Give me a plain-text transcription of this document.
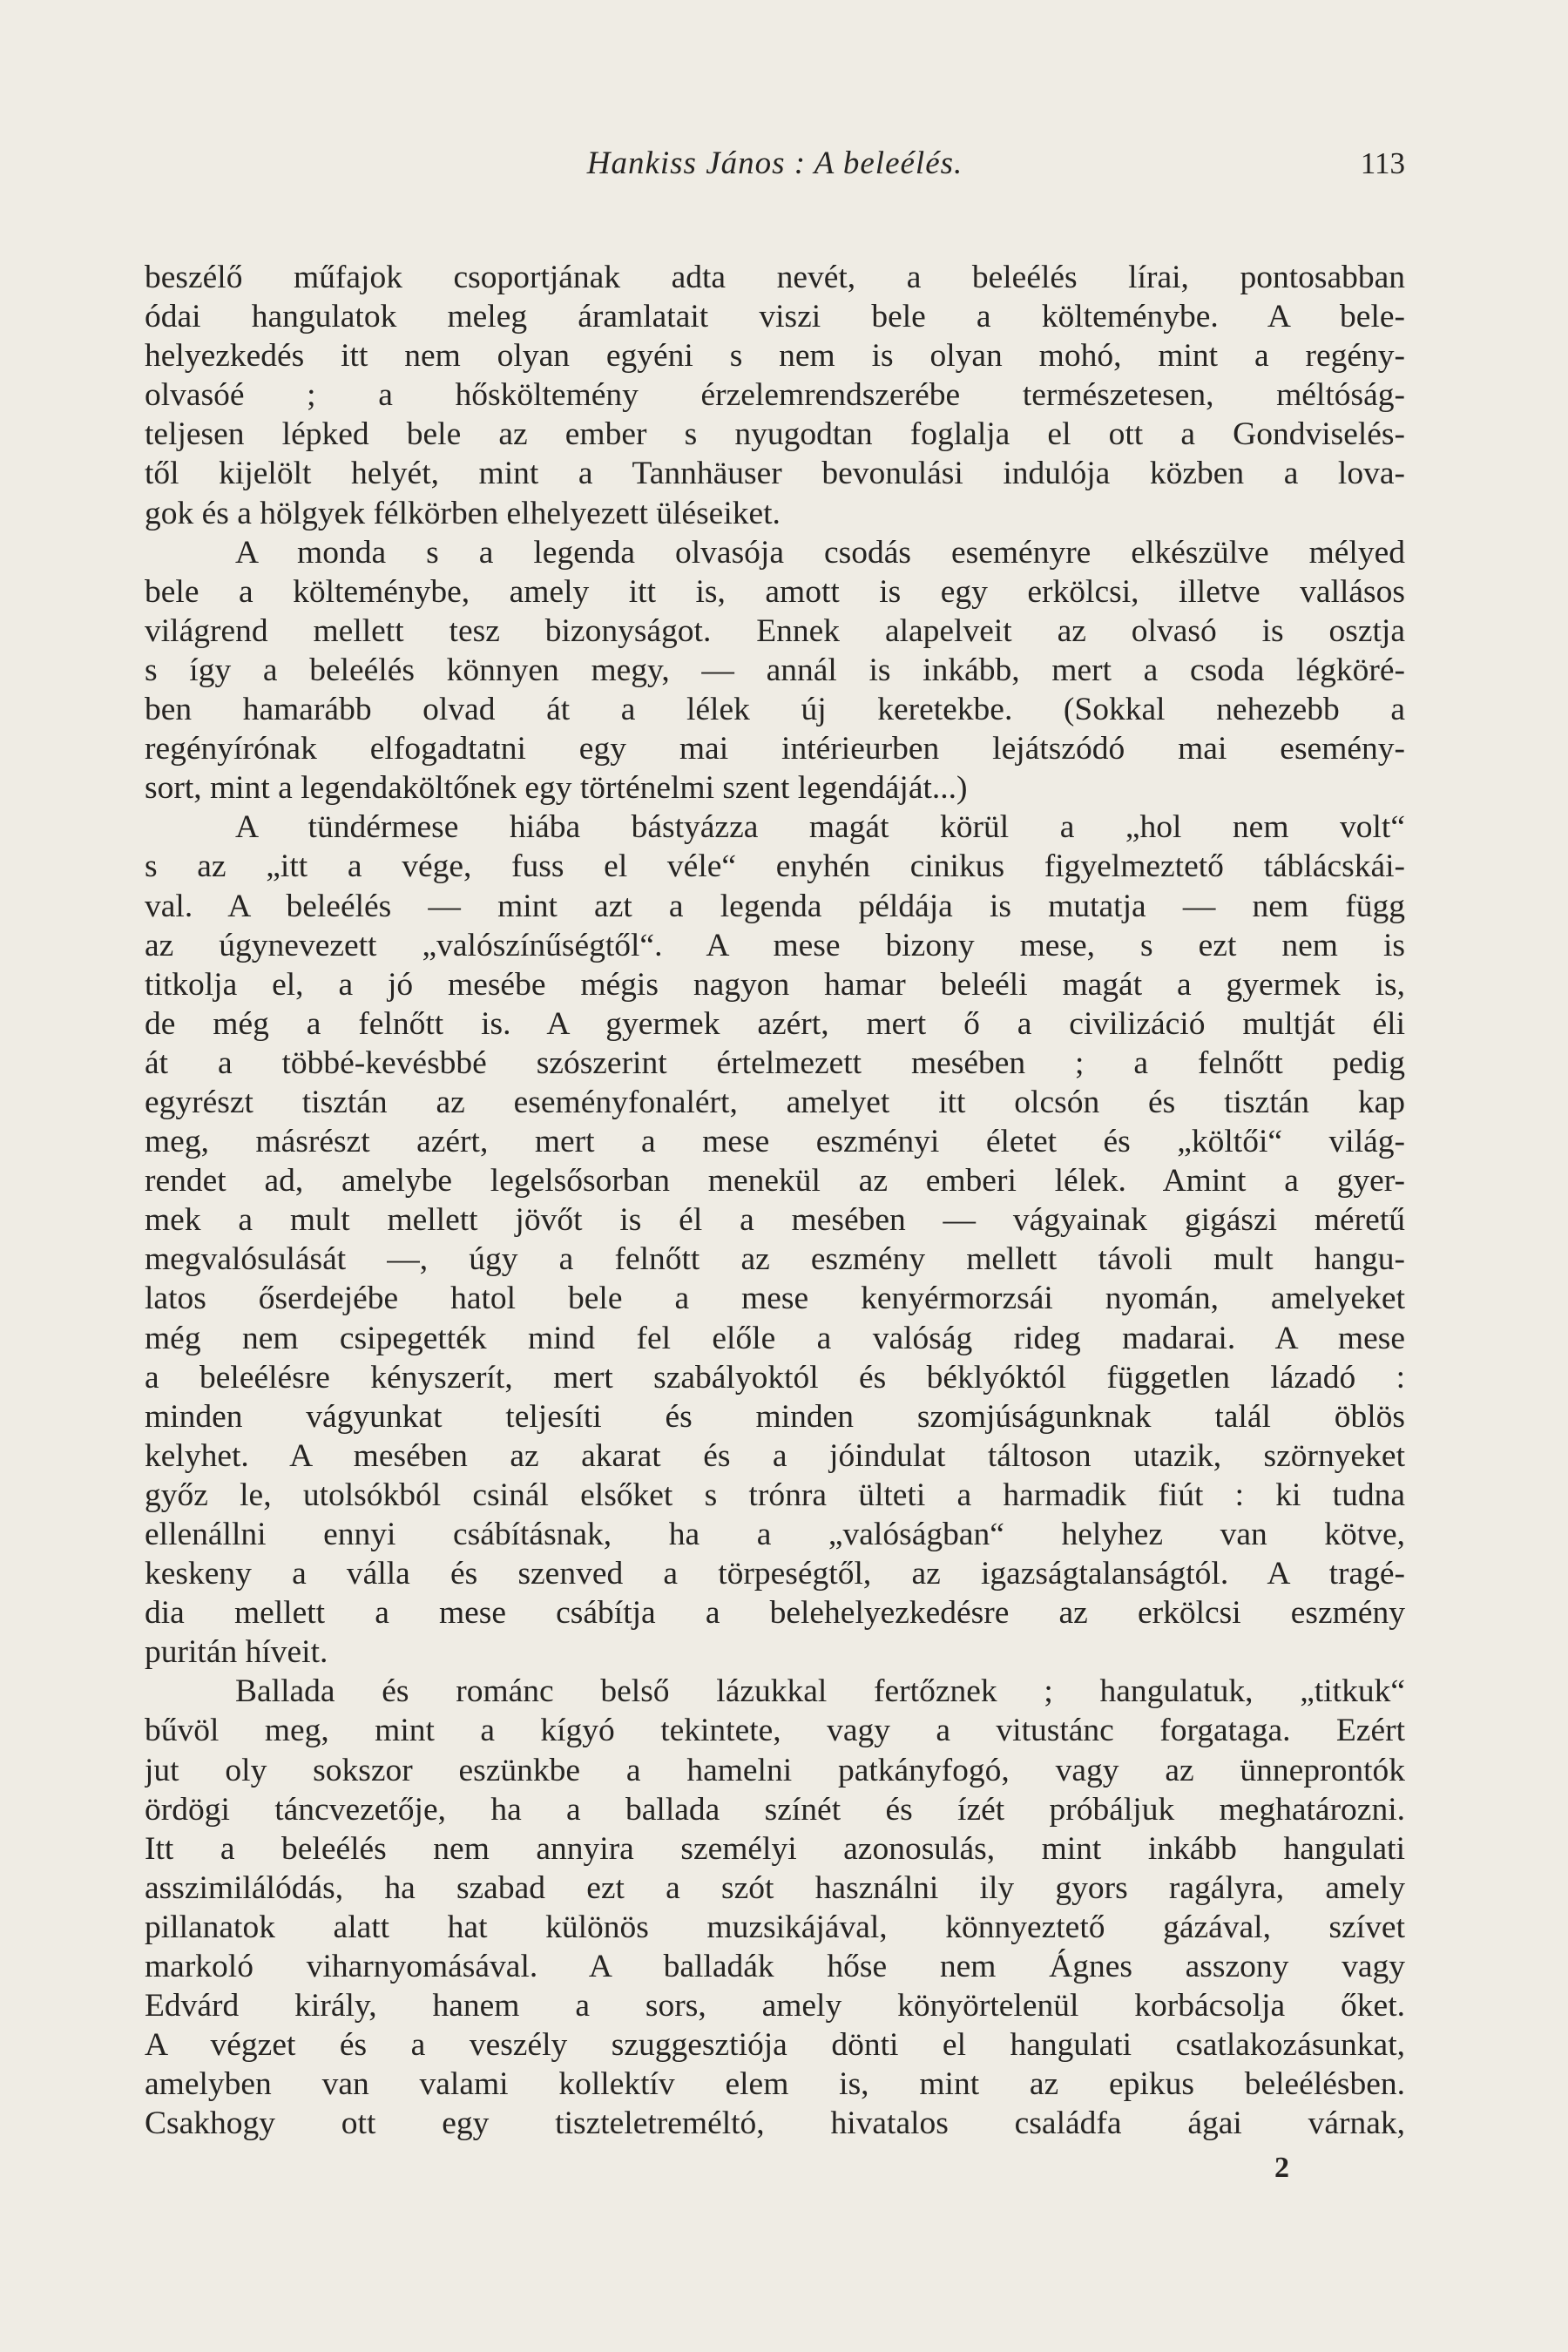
Hankiss János : A beleélés.	113
beszélő műfajok csoportjának adta nevét, a beleélés lírai, pontosabban
ódai hangulatok meleg áramlatait viszi bele a költeménybe. A bele-
helyezkedés itt nem olyan egyéni s nem is olyan mohó, mint a regény-
olvasóé ; a hősköltemény érzelemrendszerébe természetesen, méltóság-
teljesen lépked bele az ember s nyugodtan foglalja el ott a Gondviselés-
től kijelölt helyét, mint a Tannhäuser bevonulási indulója közben a lova-
gok és a hölgyek félkörben elhelyezett üléseiket.
A monda s a legenda olvasója csodás eseményre elkészülve mélyed
bele a költeménybe, amely itt is, amott is egy erkölcsi, illetve vallásos
világrend mellett tesz bizonyságot. Ennek alapelveit az olvasó is osztja
s így a beleélés könnyen megy, — annál is inkább, mert a csoda légköré-
ben hamarább olvad át a lélek új keretekbe. (Sokkal nehezebb a
regényírónak elfogadtatni egy mai intérieurben lejátszódó mai esemény-
sort, mint a legendaköltőnek egy történelmi szent legendáját...)
A tündérmese hiába bástyázza magát körül a „hol nem volt“
s az „itt a vége, fuss el véle“ enyhén cinikus figyelmeztető táblácskái-
val. A beleélés — mint azt a legenda példája is mutatja — nem függ
az úgynevezett „valószínűségtől“. A mese bizony mese, s ezt nem is
titkolja el, a jó mesébe mégis nagyon hamar beleéli magát a gyermek is,
de még a felnőtt is. A gyermek azért, mert ő a civilizáció multját éli
át a többé-kevésbbé szószerint értelmezett mesében ; a felnőtt pedig
egyrészt tisztán az eseményfonalért, amelyet itt olcsón és tisztán kap
meg, másrészt azért, mert a mese eszményi életet és „költői“ világ-
rendet ad, amelybe legelsősorban menekül az emberi lélek. Amint a gyer-
mek a mult mellett jövőt is él a mesében — vágyainak gigászi méretű
megvalósulását —, úgy a felnőtt az eszmény mellett távoli mult hangu-
latos őserdejébe hatol bele a mese kenyérmorzsái nyomán, amelyeket
még nem csipegették mind fel előle a valóság rideg madarai. A mese
a beleélésre kényszerít, mert szabályoktól és béklyóktól független lázadó :
minden vágyunkat teljesíti és minden szomjúságunknak talál öblös
kelyhet. A mesében az akarat és a jóindulat táltoson utazik, szörnyeket
győz le, utolsókból csinál elsőket s trónra ülteti a harmadik fiút : ki tudna
ellenállni ennyi csábításnak, ha a „valóságban“ helyhez van kötve,
keskeny a válla és szenved a törpeségtől, az igazságtalanságtól. A tragé-
dia mellett a mese csábítja a belehelyezkedésre az erkölcsi eszmény
puritán híveit.
Ballada és románc belső lázukkal fertőznek ; hangulatuk, „titkuk“
bűvöl meg, mint a kígyó tekintete, vagy a vitustánc forgataga. Ezért
jut oly sokszor eszünkbe a hamelni patkányfogó, vagy az ünneprontók
ördögi táncvezetője, ha a ballada színét és ízét próbáljuk meghatározni.
Itt a beleélés nem annyira személyi azonosulás, mint inkább hangulati
asszimilálódás, ha szabad ezt a szót használni ily gyors ragályra, amely
pillanatok alatt hat különös muzsikájával, könnyeztető gázával, szívet
markoló viharnyomásával. A balladák hőse nem Ágnes asszony vagy
Edvárd király, hanem a sors, amely könyörtelenül korbácsolja őket.
A végzet és a veszély szuggesztiója dönti el hangulati csatlakozásunkat,
amelyben van valami kollektív elem is, mint az epikus beleélésben.
Csakhogy ott egy tiszteletreméltó, hivatalos családfa ágai várnak,
2
